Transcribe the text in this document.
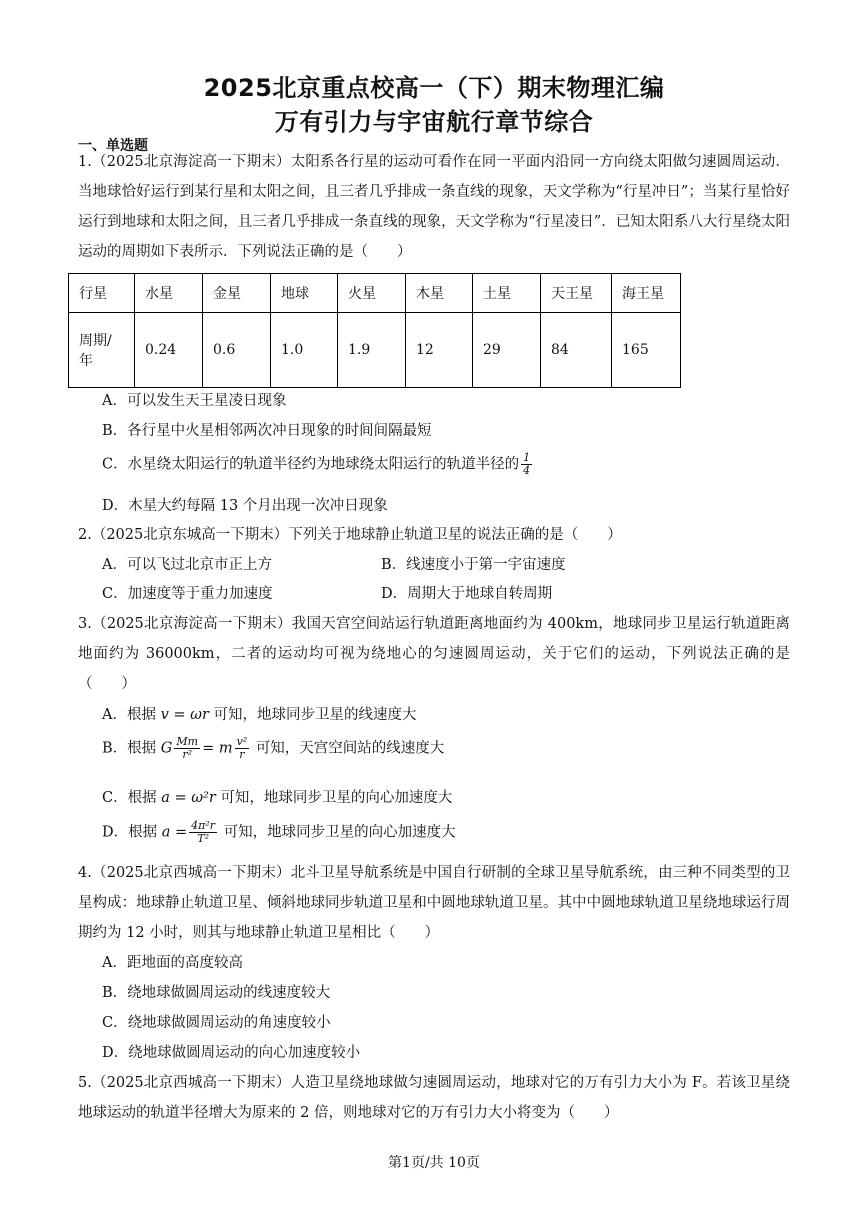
2025北京重点校高一（下）期末物理汇编
万有引力与宇宙航行章节综合
一、单选题
1.（2025北京海淀高一下期末）太阳系各行星的运动可看作在同一平面内沿同一方向绕太阳做匀速圆周运动．当地球恰好运行到某行星和太阳之间，且三者几乎排成一条直线的现象，天文学称为“行星冲日”；当某行星恰好运行到地球和太阳之间，且三者几乎排成一条直线的现象，天文学称为“行星凌日”．已知太阳系八大行星绕太阳运动的周期如下表所示．下列说法正确的是（　　）
行星	水星	金星	地球	火星	木星	土星	天王星	海王星
周期/年	0.24	0.6	1.0	1.9	12	29	84	165
A．可以发生天王星凌日现象
B．各行星中火星相邻两次冲日现象的时间间隔最短
C．水星绕太阳运行的轨道半径约为地球绕太阳运行的轨道半径的 $\frac{1}{4}$
D．木星大约每隔 13 个月出现一次冲日现象
2.（2025北京东城高一下期末）下列关于地球静止轨道卫星的说法正确的是（　　）
A．可以飞过北京市正上方	B．线速度小于第一宇宙速度
C．加速度等于重力加速度	D．周期大于地球自转周期
3.（2025北京海淀高一下期末）我国天宫空间站运行轨道距离地面约为 400km，地球同步卫星运行轨道距离地面约为 36000km，二者的运动均可视为绕地心的匀速圆周运动，关于它们的运动，下列说法正确的是（　　）
A．根据 v = ωr 可知，地球同步卫星的线速度大
B．根据 G $\frac{Mm}{\text{r²}} = m \frac{\text{v²}}{r}$ 可知，天宫空间站的线速度大
C．根据 a = ω²r 可知，地球同步卫星的向心加速度大
D．根据 $a = \frac{\text{4π²r}}{\text{T²}}$ 可知，地球同步卫星的向心加速度大
4.（2025北京西城高一下期末）北斗卫星导航系统是中国自行研制的全球卫星导航系统，由三种不同类型的卫星构成：地球静止轨道卫星、倾斜地球同步轨道卫星和中圆地球轨道卫星。其中中圆地球轨道卫星绕地球运行周期约为 12 小时，则其与地球静止轨道卫星相比（　　）
A．距地面的高度较高
B．绕地球做圆周运动的线速度较大
C．绕地球做圆周运动的角速度较小
D．绕地球做圆周运动的向心加速度较小
5.（2025北京西城高一下期末）人造卫星绕地球做匀速圆周运动，地球对它的万有引力大小为 F。若该卫星绕地球运动的轨道半径增大为原来的 2 倍，则地球对它的万有引力大小将变为（　　）
第1页/共 10页
